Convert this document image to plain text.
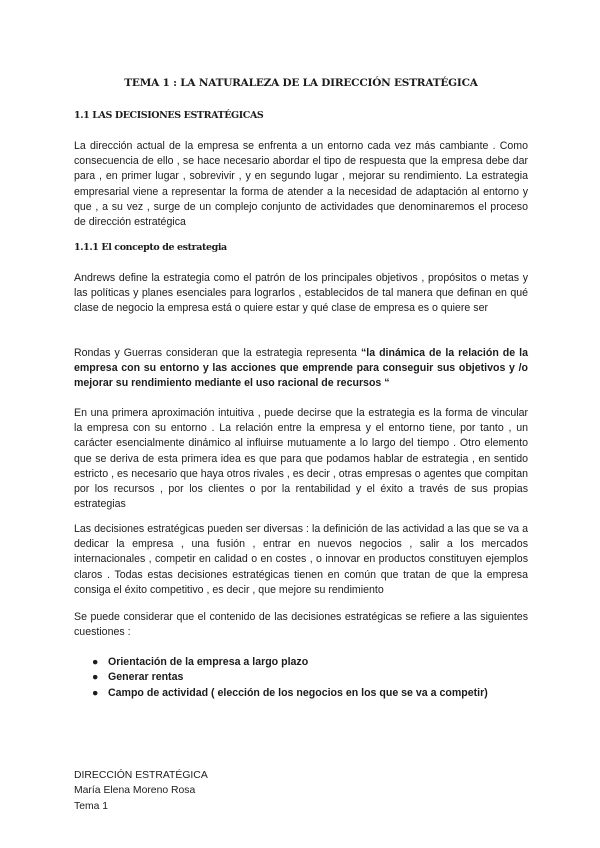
TEMA 1 : LA NATURALEZA DE LA DIRECCIÓN ESTRATÉGICA
1.1 LAS DECISIONES ESTRATÉGICAS

La dirección actual de la empresa se enfrenta a un entorno cada vez más cambiante . Como consecuencia de ello , se hace necesario abordar el tipo de respuesta que la empresa debe dar para , en primer lugar , sobrevivir , y en segundo lugar , mejorar su rendimiento. La estrategia empresarial viene a representar la forma de atender a la necesidad de adaptación al entorno y que , a su vez , surge de un complejo conjunto de actividades que denominaremos el proceso de dirección estratégica

1.1.1 El concepto de estrategia

Andrews define la estrategia como el patrón de los principales objetivos , propósitos o metas y las políticas y planes esenciales para lograrlos , establecidos de tal manera que definan en qué clase de negocio la empresa está o quiere estar y qué clase de empresa es o quiere ser

Rondas y Guerras consideran que la estrategia representa “la dinámica de la relación de la empresa con su entorno y las acciones que emprende para conseguir sus objetivos y /o mejorar su rendimiento mediante el uso racional de recursos “

En una primera aproximación intuitiva , puede decirse que la estrategia es la forma de vincular la empresa con su entorno . La relación entre la empresa y el entorno tiene, por tanto , un carácter esencialmente dinámico al influirse mutuamente a lo largo del tiempo . Otro elemento que se deriva de esta primera idea es que para que podamos hablar de estrategia , en sentido estricto , es necesario que haya otros rivales , es decir , otras empresas o agentes que compitan por los recursos , por los clientes o por la rentabilidad y el éxito a través de sus propias estrategias

Las decisiones estratégicas pueden ser diversas : la definición de las actividad a las que se va a dedicar la empresa , una fusión , entrar en nuevos negocios , salir a los mercados internacionales , competir en calidad o en costes , o innovar en productos constituyen ejemplos claros . Todas estas decisiones estratégicas tienen en común que tratan de que la empresa consiga el éxito competitivo , es decir , que mejore su rendimiento

Se puede considerar que el contenido de las decisiones estratégicas se refiere a las siguientes cuestiones :

● Orientación de la empresa a largo plazo
● Generar rentas
● Campo de actividad ( elección de los negocios en los que se va a competir)
DIRECCIÓN ESTRATÉGICA
María Elena Moreno Rosa
Tema 1
